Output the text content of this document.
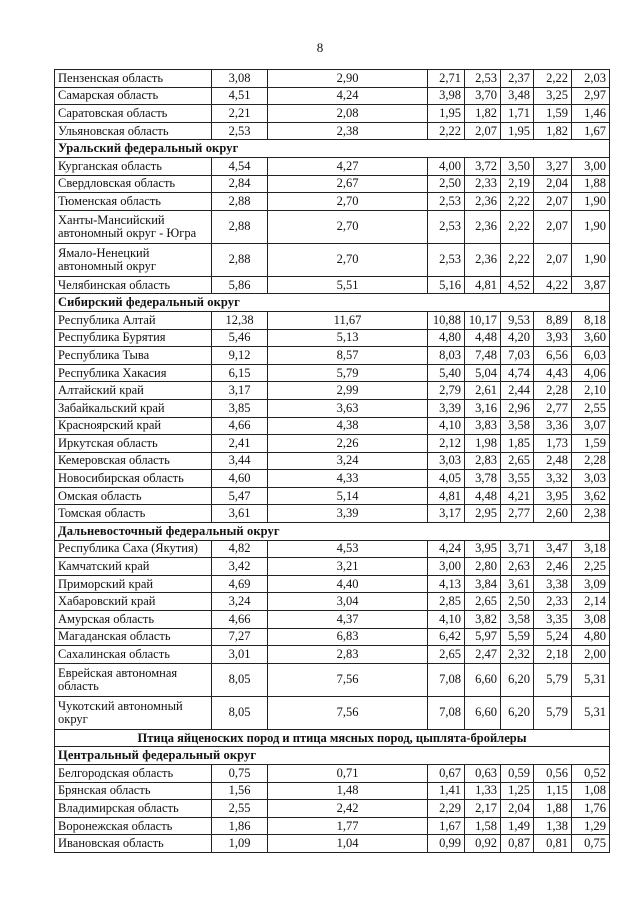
8
Пензенская область	3,08	2,90	2,71	2,53	2,37	2,22	2,03
Самарская область	4,51	4,24	3,98	3,70	3,48	3,25	2,97
Саратовская область	2,21	2,08	1,95	1,82	1,71	1,59	1,46
Ульяновская область	2,53	2,38	2,22	2,07	1,95	1,82	1,67
Уральский федеральный округ							
Курганская область	4,54	4,27	4,00	3,72	3,50	3,27	3,00
Свердловская область	2,84	2,67	2,50	2,33	2,19	2,04	1,88
Тюменская область	2,88	2,70	2,53	2,36	2,22	2,07	1,90
Ханты-Мансийский автономный округ - Югра	2,88	2,70	2,53	2,36	2,22	2,07	1,90
Ямало-Ненецкий автономный округ	2,88	2,70	2,53	2,36	2,22	2,07	1,90
Челябинская область	5,86	5,51	5,16	4,81	4,52	4,22	3,87
Сибирский федеральный округ							
Республика Алтай	12,38	11,67	10,88	10,17	9,53	8,89	8,18
Республика Бурятия	5,46	5,13	4,80	4,48	4,20	3,93	3,60
Республика Тыва	9,12	8,57	8,03	7,48	7,03	6,56	6,03
Республика Хакасия	6,15	5,79	5,40	5,04	4,74	4,43	4,06
Алтайский край	3,17	2,99	2,79	2,61	2,44	2,28	2,10
Забайкальский край	3,85	3,63	3,39	3,16	2,96	2,77	2,55
Красноярский край	4,66	4,38	4,10	3,83	3,58	3,36	3,07
Иркутская область	2,41	2,26	2,12	1,98	1,85	1,73	1,59
Кемеровская область	3,44	3,24	3,03	2,83	2,65	2,48	2,28
Новосибирская область	4,60	4,33	4,05	3,78	3,55	3,32	3,03
Омская область	5,47	5,14	4,81	4,48	4,21	3,95	3,62
Томская область	3,61	3,39	3,17	2,95	2,77	2,60	2,38
Дальневосточный федеральный округ							
Республика Саха (Якутия)	4,82	4,53	4,24	3,95	3,71	3,47	3,18
Камчатский край	3,42	3,21	3,00	2,80	2,63	2,46	2,25
Приморский край	4,69	4,40	4,13	3,84	3,61	3,38	3,09
Хабаровский край	3,24	3,04	2,85	2,65	2,50	2,33	2,14
Амурская область	4,66	4,37	4,10	3,82	3,58	3,35	3,08
Магаданская область	7,27	6,83	6,42	5,97	5,59	5,24	4,80
Сахалинская область	3,01	2,83	2,65	2,47	2,32	2,18	2,00
Еврейская автономная область	8,05	7,56	7,08	6,60	6,20	5,79	5,31
Чукотский автономный округ	8,05	7,56	7,08	6,60	6,20	5,79	5,31
Птица яйценоских пород и птица мясных пород, цыплята-бройлеры							
Центральный федеральный округ							
Белгородская область	0,75	0,71	0,67	0,63	0,59	0,56	0,52
Брянская область	1,56	1,48	1,41	1,33	1,25	1,15	1,08
Владимирская область	2,55	2,42	2,29	2,17	2,04	1,88	1,76
Воронежская область	1,86	1,77	1,67	1,58	1,49	1,38	1,29
Ивановская область	1,09	1,04	0,99	0,92	0,87	0,81	0,75
